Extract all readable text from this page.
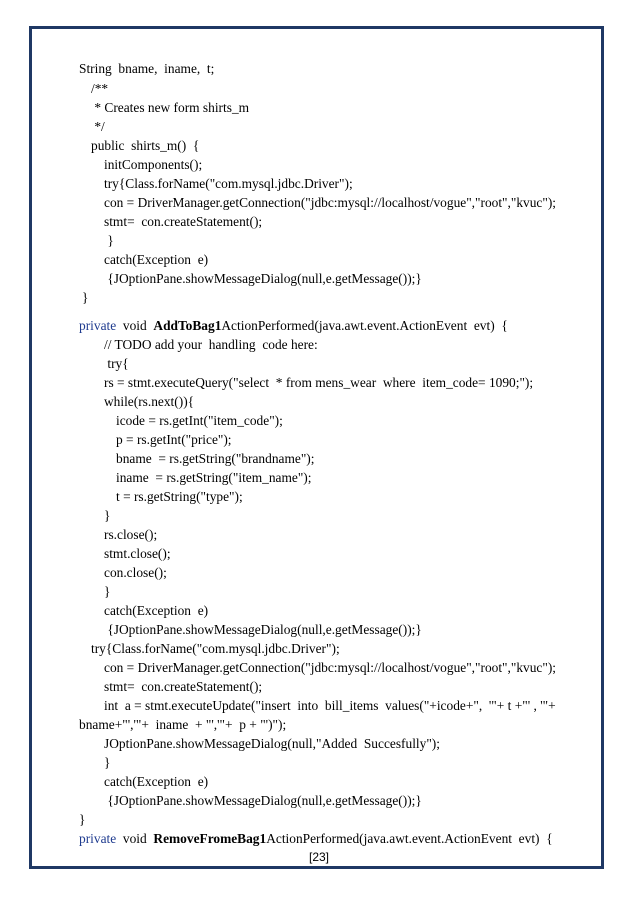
String  bname,  iname,  t;
/**
* Creates new form shirts_m
*/
public  shirts_m()  {
initComponents();
try{Class.forName("com.mysql.jdbc.Driver");
con = DriverManager.getConnection("jdbc:mysql://localhost/vogue","root","kvuc");
stmt=  con.createStatement();
}
catch(Exception  e)
{JOptionPane.showMessageDialog(null,e.getMessage());}
}
private void AddToBag1ActionPerformed(java.awt.event.ActionEvent  evt)  {
// TODO add your  handling  code here:
try{
rs = stmt.executeQuery("select  * from mens_wear  where  item_code= 1090;");
while(rs.next()){
icode = rs.getInt("item_code");
p = rs.getInt("price");
bname  = rs.getString("brandname");
iname  = rs.getString("item_name");
t = rs.getString("type");
}
rs.close();
stmt.close();
con.close();
}
catch(Exception  e)
{JOptionPane.showMessageDialog(null,e.getMessage());}
try{Class.forName("com.mysql.jdbc.Driver");
con = DriverManager.getConnection("jdbc:mysql://localhost/vogue","root","kvuc");
stmt=  con.createStatement();
int  a = stmt.executeUpdate("insert  into  bill_items  values("+icode+",  '"+ t +"' , '"+
bname+"','"+  iname  + "','"+  p + "')");
JOptionPane.showMessageDialog(null,"Added  Succesfully");
}
catch(Exception  e)
{JOptionPane.showMessageDialog(null,e.getMessage());}
}
private void RemoveFromeBag1ActionPerformed(java.awt.event.ActionEvent  evt)  {
[23]
